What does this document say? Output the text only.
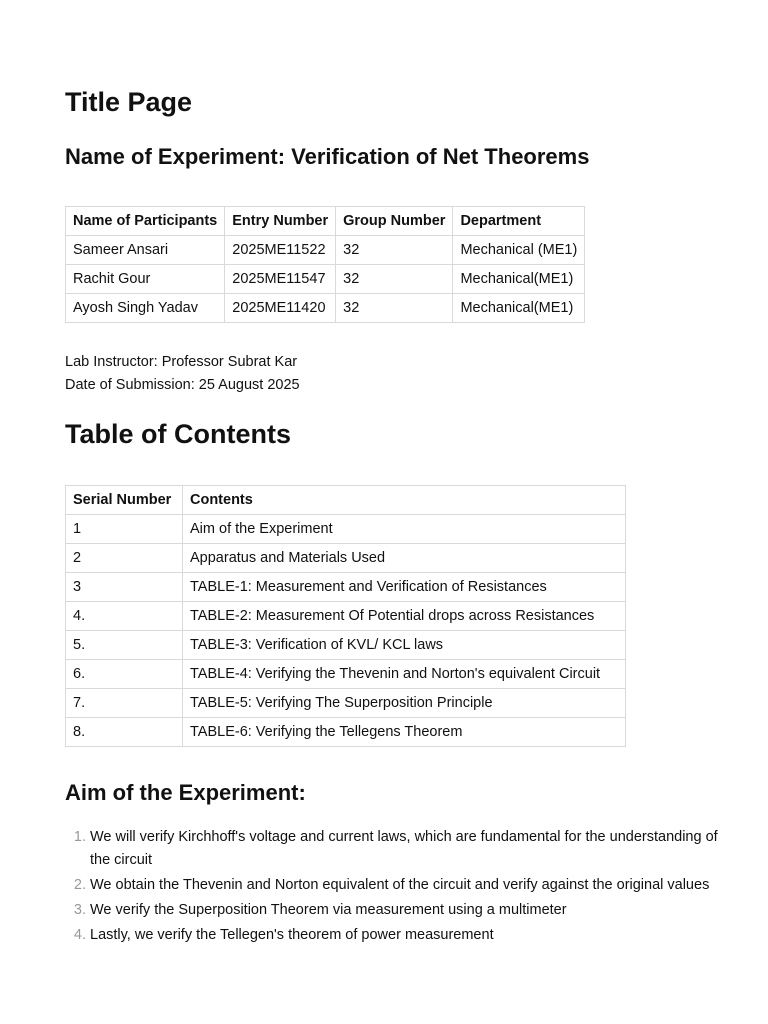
Title Page
Name of Experiment: Verification of Net Theorems
Name of Participants	Entry Number	Group Number	Department
Sameer Ansari	2025ME11522	32	Mechanical (ME1)
Rachit Gour	2025ME11547	32	Mechanical(ME1)
Ayosh Singh Yadav	2025ME11420	32	Mechanical(ME1)
Lab Instructor: Professor Subrat Kar
Date of Submission: 25 August 2025
Table of Contents
Serial Number	Contents
1	Aim of the Experiment
2	Apparatus and Materials Used
3	TABLE-1: Measurement and Verification of Resistances
4.	TABLE-2: Measurement Of Potential drops across Resistances
5.	TABLE-3: Verification of KVL/ KCL laws
6.	TABLE-4: Verifying the Thevenin and Norton's equivalent Circuit
7.	TABLE-5: Verifying The Superposition Principle
8.	TABLE-6: Verifying the Tellegens Theorem
Aim of the Experiment:
1. We will verify Kirchhoff's voltage and current laws, which are fundamental for the understanding of the circuit
2. We obtain the Thevenin and Norton equivalent of the circuit and verify against the original values
3. We verify the Superposition Theorem via measurement using a multimeter
4. Lastly, we verify the Tellegen's theorem of power measurement
